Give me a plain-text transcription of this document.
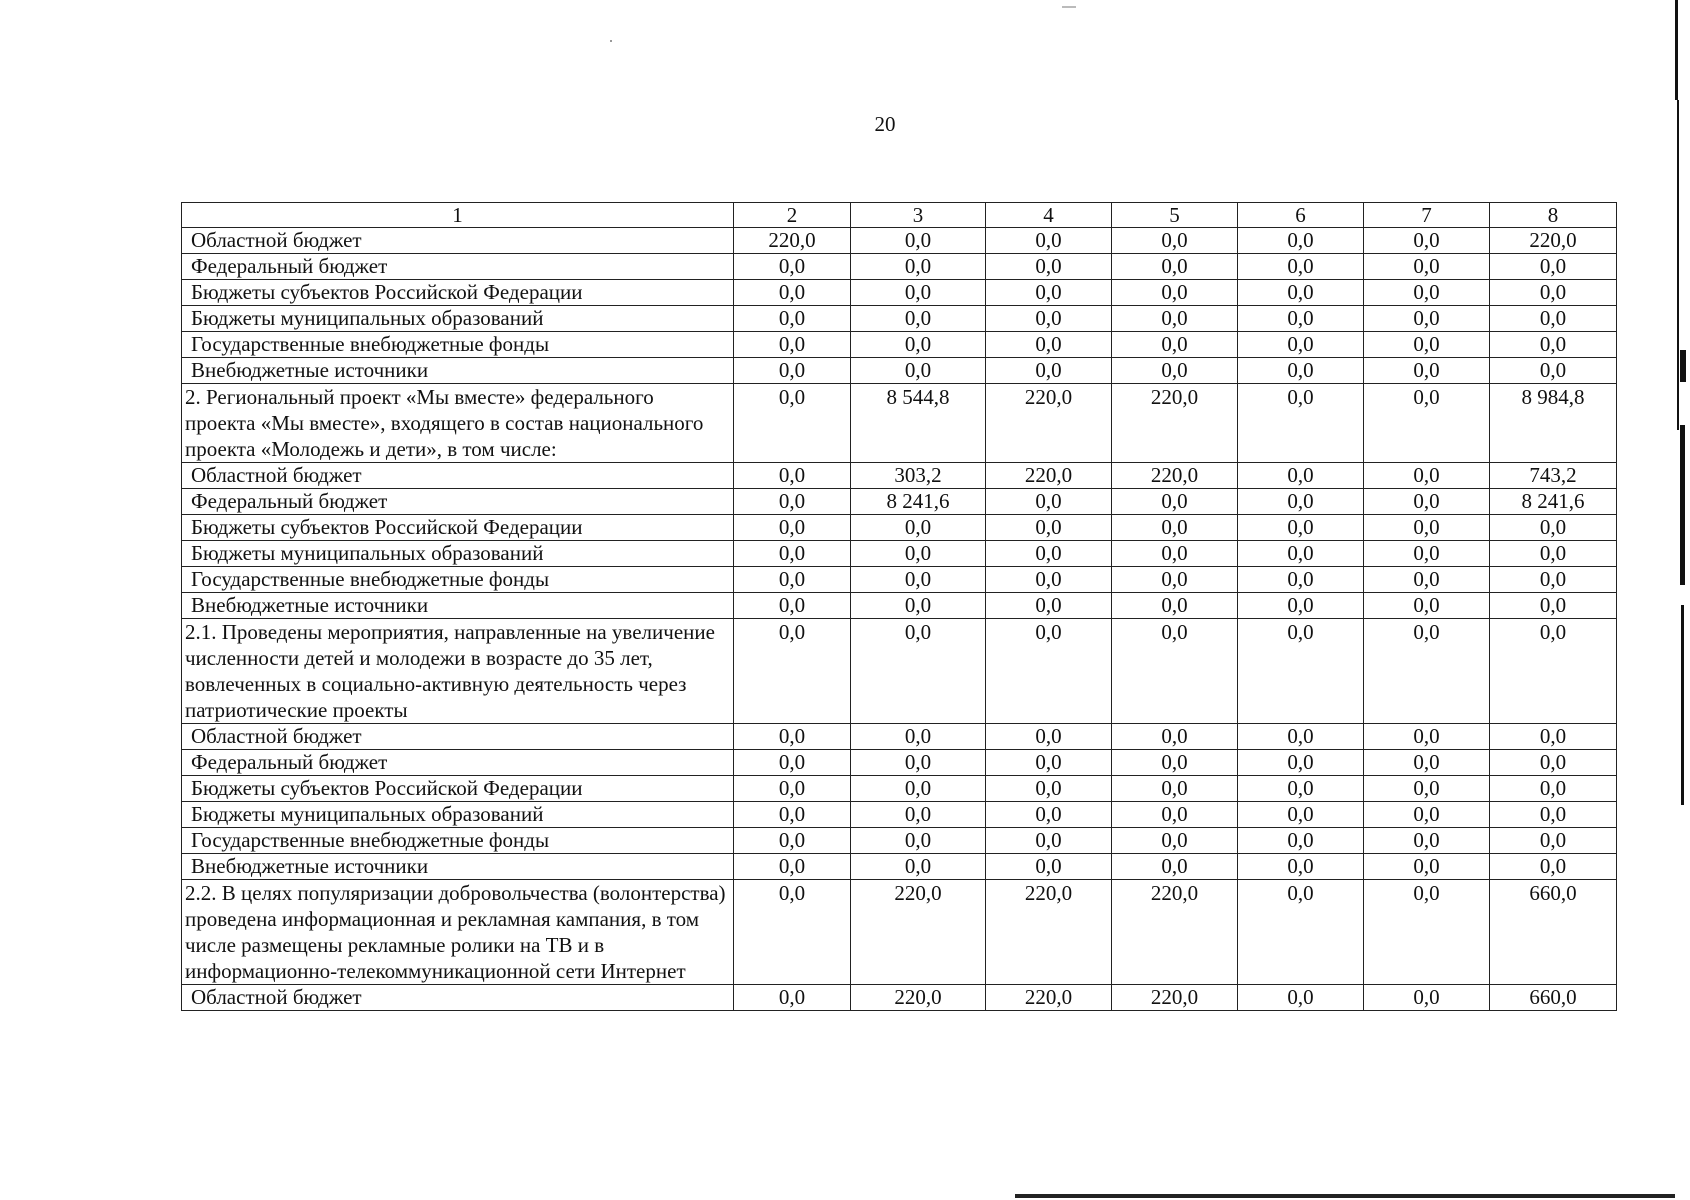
20
1	2	3	4	5	6	7	8
Областной бюджет	220,0	0,0	0,0	0,0	0,0	0,0	220,0
Федеральный бюджет	0,0	0,0	0,0	0,0	0,0	0,0	0,0
Бюджеты субъектов Российской Федерации	0,0	0,0	0,0	0,0	0,0	0,0	0,0
Бюджеты муниципальных образований	0,0	0,0	0,0	0,0	0,0	0,0	0,0
Государственные внебюджетные фонды	0,0	0,0	0,0	0,0	0,0	0,0	0,0
Внебюджетные источники	0,0	0,0	0,0	0,0	0,0	0,0	0,0
2. Региональный проект «Мы вместе» федерального проекта «Мы вместе», входящего в состав национального проекта «Молодежь и дети», в том числе:	0,0	8 544,8	220,0	220,0	0,0	0,0	8 984,8
Областной бюджет	0,0	303,2	220,0	220,0	0,0	0,0	743,2
Федеральный бюджет	0,0	8 241,6	0,0	0,0	0,0	0,0	8 241,6
Бюджеты субъектов Российской Федерации	0,0	0,0	0,0	0,0	0,0	0,0	0,0
Бюджеты муниципальных образований	0,0	0,0	0,0	0,0	0,0	0,0	0,0
Государственные внебюджетные фонды	0,0	0,0	0,0	0,0	0,0	0,0	0,0
Внебюджетные источники	0,0	0,0	0,0	0,0	0,0	0,0	0,0
2.1. Проведены мероприятия, направленные на увеличение численности детей и молодежи в возрасте до 35 лет, вовлеченных в социально-активную деятельность через патриотические проекты	0,0	0,0	0,0	0,0	0,0	0,0	0,0
Областной бюджет	0,0	0,0	0,0	0,0	0,0	0,0	0,0
Федеральный бюджет	0,0	0,0	0,0	0,0	0,0	0,0	0,0
Бюджеты субъектов Российской Федерации	0,0	0,0	0,0	0,0	0,0	0,0	0,0
Бюджеты муниципальных образований	0,0	0,0	0,0	0,0	0,0	0,0	0,0
Государственные внебюджетные фонды	0,0	0,0	0,0	0,0	0,0	0,0	0,0
Внебюджетные источники	0,0	0,0	0,0	0,0	0,0	0,0	0,0
2.2. В целях популяризации добровольчества (волонтерства) проведена информационная и рекламная кампания, в том числе размещены рекламные ролики на ТВ и в информационно-телекоммуникационной сети Интернет	0,0	220,0	220,0	220,0	0,0	0,0	660,0
Областной бюджет	0,0	220,0	220,0	220,0	0,0	0,0	660,0
